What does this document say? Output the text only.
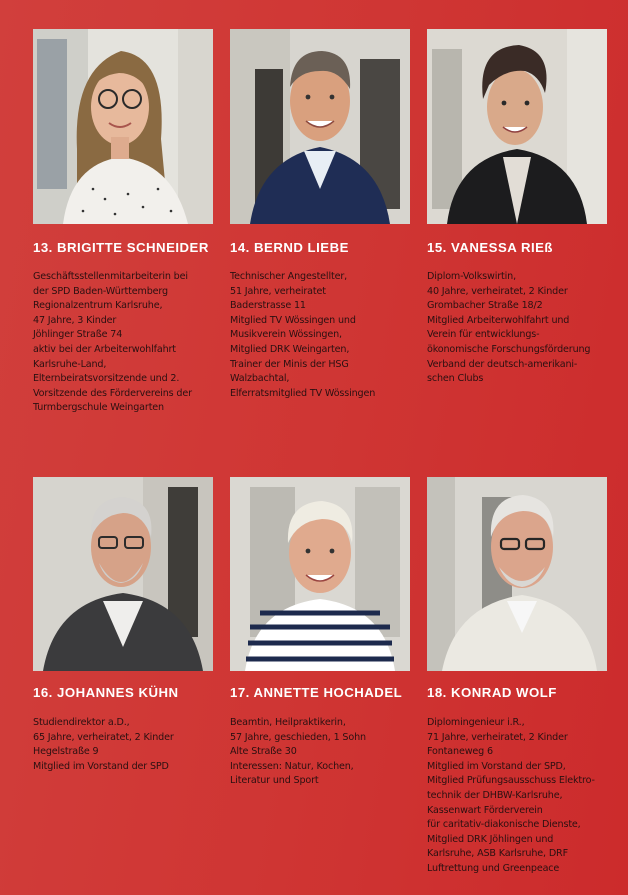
13. BRIGITTE SCHNEIDER
Geschäftsstellenmitarbeiterin bei
der SPD Baden-Württemberg
Regionalzentrum Karlsruhe,
47 Jahre, 3 Kinder
Jöhlinger Straße 74
aktiv bei der Arbeiterwohlfahrt
Karlsruhe-Land,
Elternbeiratsvorsitzende und 2.
Vorsitzende des Fördervereins der
Turmbergschule Weingarten
14. BERND LIEBE
Technischer Angestellter,
51 Jahre, verheiratet
Baderstrasse 11
Mitglied TV Wössingen und
Musikverein Wössingen,
Mitglied DRK Weingarten,
Trainer der Minis der HSG
Walzbachtal,
Elferratsmitglied TV Wössingen
15. VANESSA RIEß
Diplom-Volkswirtin,
40 Jahre, verheiratet, 2 Kinder
Grombacher Straße 18/2
Mitglied Arbeiterwohlfahrt und
Verein für entwicklungs-
ökonomische Forschungsförderung
Verband der deutsch-amerikani-
schen Clubs
16. JOHANNES KÜHN
Studiendirektor a.D.,
65 Jahre, verheiratet, 2 Kinder
Hegelstraße 9
Mitglied im Vorstand der SPD
17. ANNETTE HOCHADEL
Beamtin, Heilpraktikerin,
57 Jahre, geschieden, 1 Sohn
Alte Straße 30
Interessen: Natur, Kochen,
Literatur und Sport
18. KONRAD WOLF
Diplomingenieur i.R.,
71 Jahre, verheiratet, 2 Kinder
Fontaneweg 6
Mitglied im Vorstand der SPD,
Mitglied Prüfungsausschuss Elektro-
technik der DHBW-Karlsruhe,
Kassenwart Förderverein
für caritativ-diakonische Dienste,
Mitglied DRK Jöhlingen und
Karlsruhe, ASB Karlsruhe, DRF
Luftrettung und Greenpeace
